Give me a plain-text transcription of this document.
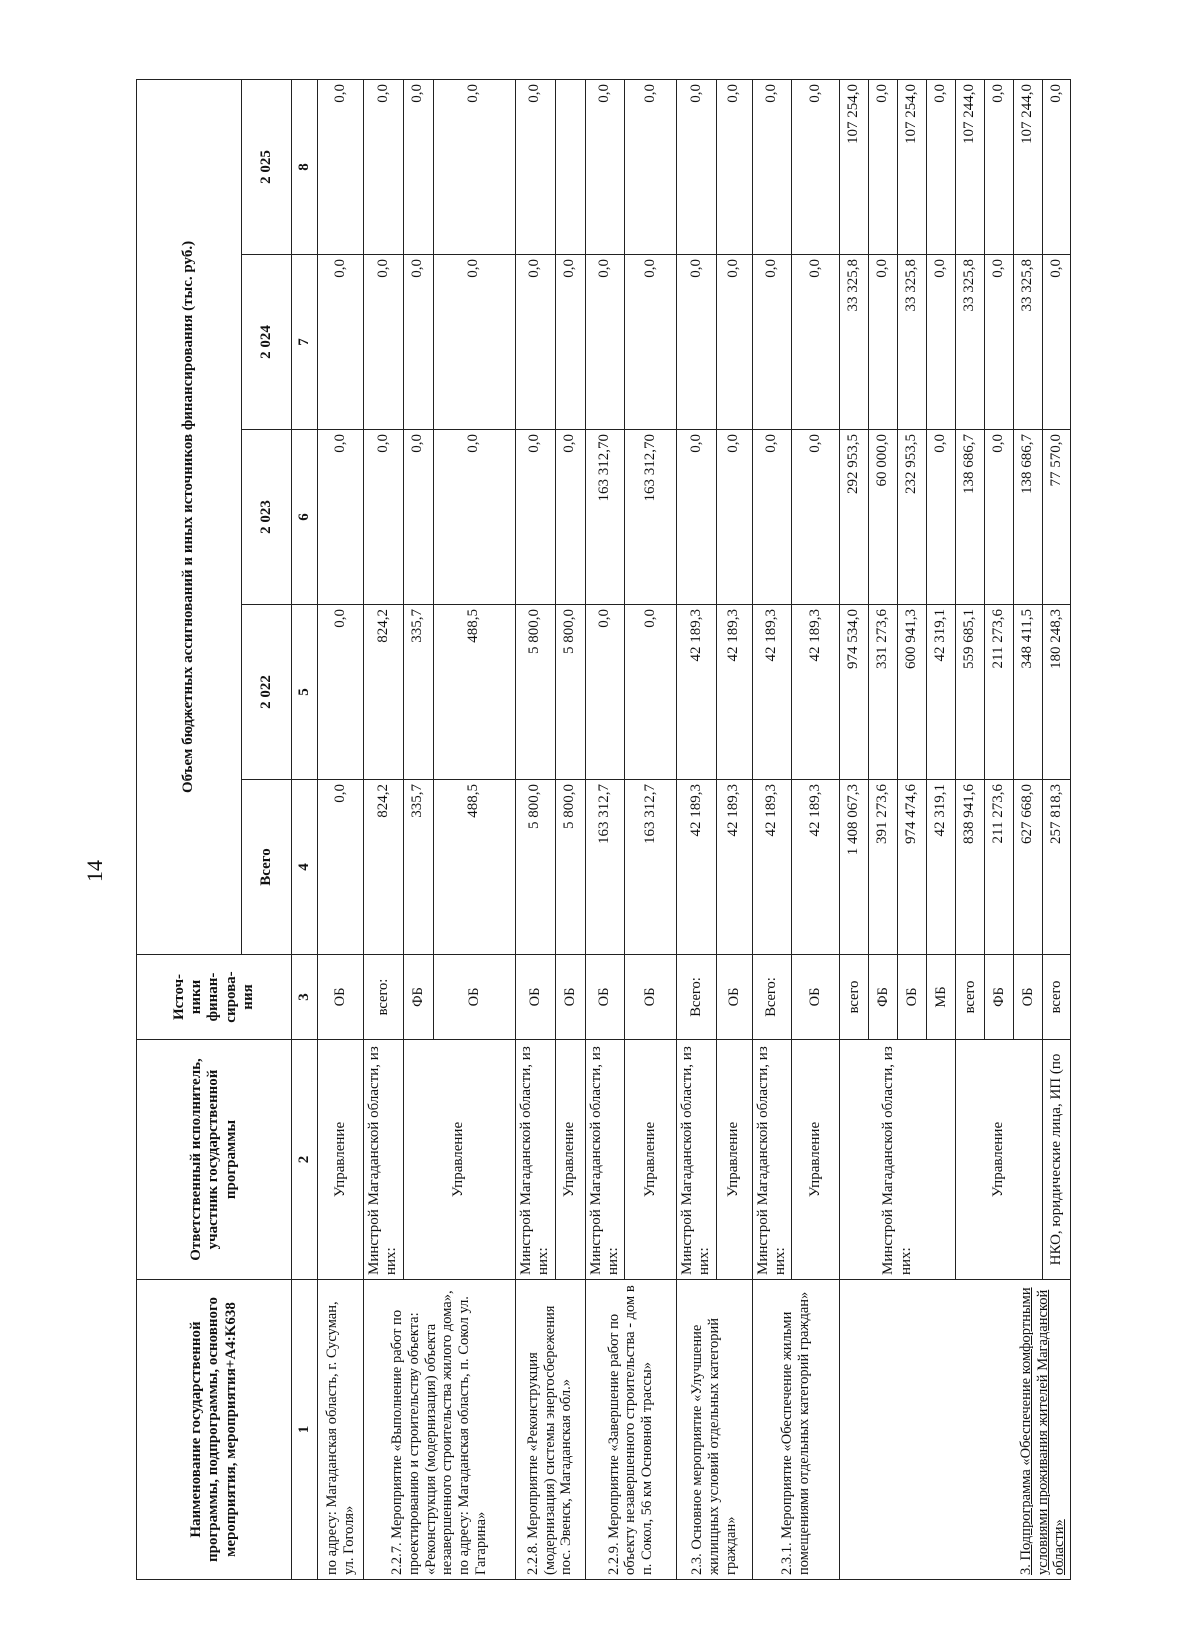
14
Наименование государственной программы, подпрограммы, основного мероприятия, мероприятия+A4:K638	Ответственный исполнитель, участник государственной программы	Источ-ники финан-сирова-ния	Объем бюджетных ассигнований и иных источников финансирования (тыс. руб.)				
			Всего	2 022	2 023	2 024	2 025
1	2	3	4	5	6	7	8
по адресу: Магаданская область, г. Сусуман, ул. Гоголя»	Управление	ОБ	0,0	0,0	0,0	0,0	0,0
2.2.7. Мероприятие «Выполнение работ по проектированию и строительству объекта: «Реконструкция (модернизация) объекта незавершенного строительства жилого дома», по адресу: Магаданская область, п. Сокол ул. Гагарина»	Минстрой Магаданской области, из них:	всего:	824,2	824,2	0,0	0,0	0,0
	Управление	ФБ	335,7	335,7	0,0	0,0	0,0
		ОБ	488,5	488,5	0,0	0,0	0,0
2.2.8. Мероприятие «Реконструкция (модернизация) системы энергосбережения пос. Эвенск, Магаданская обл.»	Минстрой Магаданской области, из них:	ОБ	5 800,0	5 800,0	0,0	0,0	0,0
	Управление	ОБ	5 800,0	5 800,0	0,0	0,0	
2.2.9. Мероприятие «Завершение работ по объекту незавершенного строительства - дом в п. Сокол, 56 км Основной трассы»	Минстрой Магаданской области, из них:	ОБ	163 312,7	0,0	163 312,70	0,0	0,0
	Управление	ОБ	163 312,7	0,0	163 312,70	0,0	0,0
2.3. Основное мероприятие «Улучшение жилищных условий отдельных категорий граждан»	Минстрой Магаданской области, из них:	Всего:	42 189,3	42 189,3	0,0	0,0	0,0
	Управление	ОБ	42 189,3	42 189,3	0,0	0,0	0,0
2.3.1. Мероприятие «Обеспечение жильми помещениями отдельных категорий граждан»	Минстрой Магаданской области, из них:	Всего:	42 189,3	42 189,3	0,0	0,0	0,0
	Управление	ОБ	42 189,3	42 189,3	0,0	0,0	0,0
3. Подпрограмма «Обеспечение комфортными условиями проживания жителей Магаданской области»	Минстрой Магаданской области, из них:	всего	1 408 067,3	974 534,0	292 953,5	33 325,8	107 254,0
		ФБ	391 273,6	331 273,6	60 000,0	0,0	0,0
		ОБ	974 474,6	600 941,3	232 953,5	33 325,8	107 254,0
		МБ	42 319,1	42 319,1	0,0	0,0	0,0
	Управление	всего	838 941,6	559 685,1	138 686,7	33 325,8	107 244,0
		ФБ	211 273,6	211 273,6	0,0	0,0	0,0
		ОБ	627 668,0	348 411,5	138 686,7	33 325,8	107 244,0
	НКО, юридические лица, ИП (по	всего	257 818,3	180 248,3	77 570,0	0,0	0,0
